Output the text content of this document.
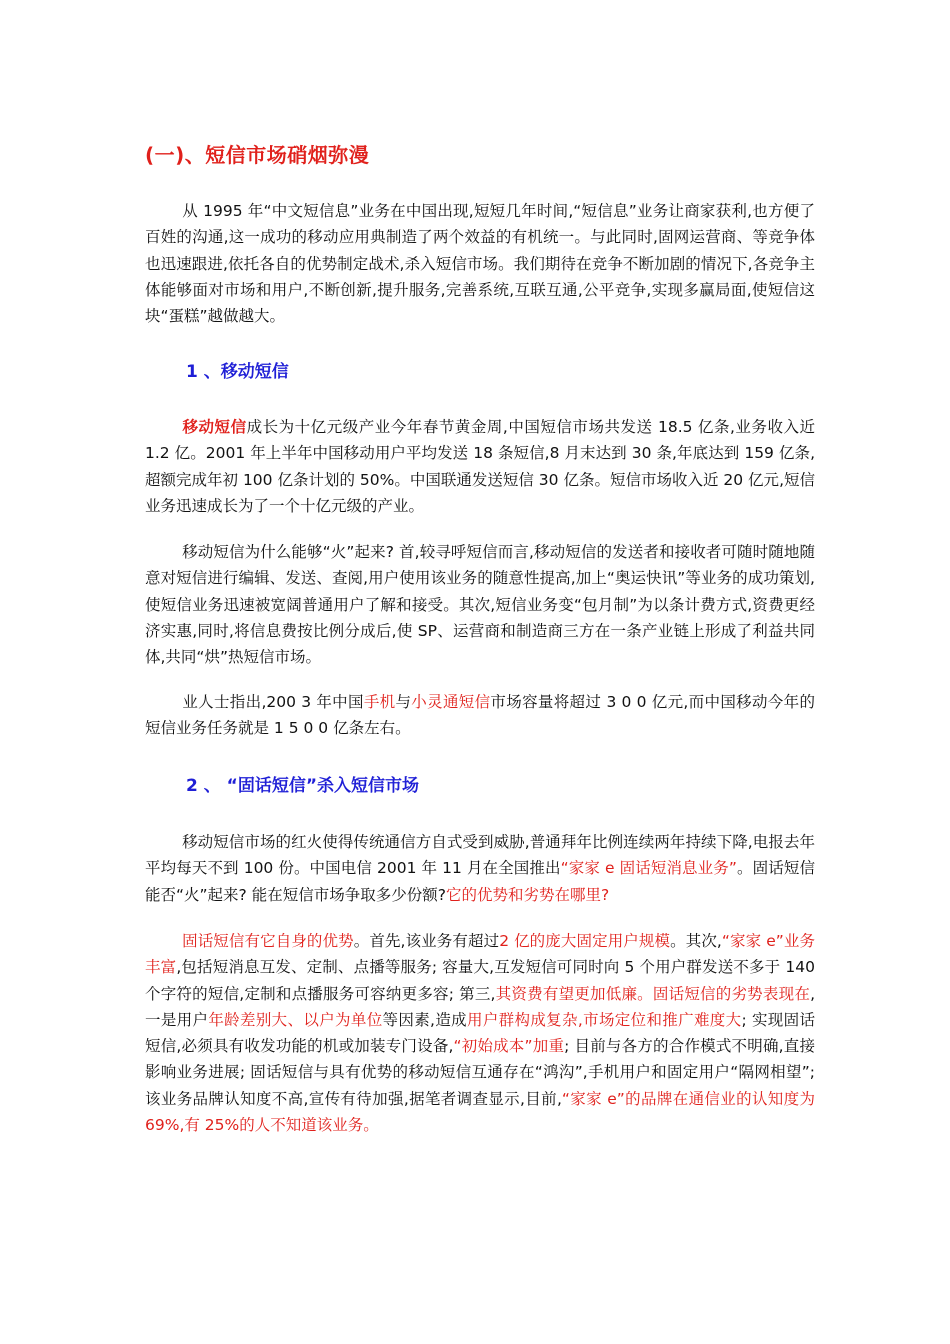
(一)、短信市场硝烟弥漫
从 1995 年“中文短信息”业务在中国出现,短短几年时间,“短信息”业务让商家获利,也方便了百姓的沟通,这一成功的移动应用典制造了两个效益的有机统一。与此同时,固网运营商、等竞争体也迅速跟进,依托各自的优势制定战术,杀入短信市场。我们期待在竞争不断加剧的情况下,各竞争主体能够面对市场和用户,不断创新,提升服务,完善系统,互联互通,公平竞争,实现多赢局面,使短信这块“蛋糕”越做越大。
1 、移动短信
移动短信成长为十亿元级产业今年春节黄金周,中国短信市场共发送 18.5 亿条,业务收入近 1.2 亿。2001 年上半年中国移动用户平均发送 18 条短信,8 月末达到 30 条,年底达到 159 亿条,超额完成年初 100 亿条计划的 50%。中国联通发送短信 30 亿条。短信市场收入近 20 亿元,短信业务迅速成长为了一个十亿元级的产业。
移动短信为什么能够“火”起来? 首,较寻呼短信而言,移动短信的发送者和接收者可随时随地随意对短信进行编辑、发送、查阅,用户使用该业务的随意性提高,加上“奥运快讯”等业务的成功策划,使短信业务迅速被宽阔普通用户了解和接受。其次,短信业务变“包月制”为以条计费方式,资费更经济实惠,同时,将信息费按比例分成后,使 SP、运营商和制造商三方在一条产业链上形成了利益共同体,共同“烘”热短信市场。
业人士指出,200 3 年中国手机与小灵通短信市场容量将超过 3 0 0 亿元,而中国移动今年的短信业务任务就是 1 5 0 0 亿条左右。
2 、 “固话短信”杀入短信市场
移动短信市场的红火使得传统通信方自式受到威胁,普通拜年比例连续两年持续下降,电报去年平均每天不到 100 份。中国电信 2001 年 11 月在全国推出“家家 e 固话短消息业务”。固话短信能否“火”起来? 能在短信市场争取多少份额?它的优势和劣势在哪里?
固话短信有它自身的优势。首先,该业务有超过2 亿的庞大固定用户规模。其次,“家家 e”业务丰富,包括短消息互发、定制、点播等服务; 容量大,互发短信可同时向 5 个用户群发送不多于 140 个字符的短信,定制和点播服务可容纳更多容; 第三,其资费有望更加低廉。固话短信的劣势表现在,一是用户年龄差别大、以户为单位等因素,造成用户群构成复杂,市场定位和推广难度大; 实现固话短信,必须具有收发功能的机或加装专门设备,“初始成本”加重; 目前与各方的合作模式不明确,直接影响业务进展; 固话短信与具有优势的移动短信互通存在“鸿沟”,手机用户和固定用户“隔网相望”; 该业务品牌认知度不高,宣传有待加强,据笔者调查显示,目前,“家家 e”的品牌在通信业的认知度为 69%,有 25%的人不知道该业务。
